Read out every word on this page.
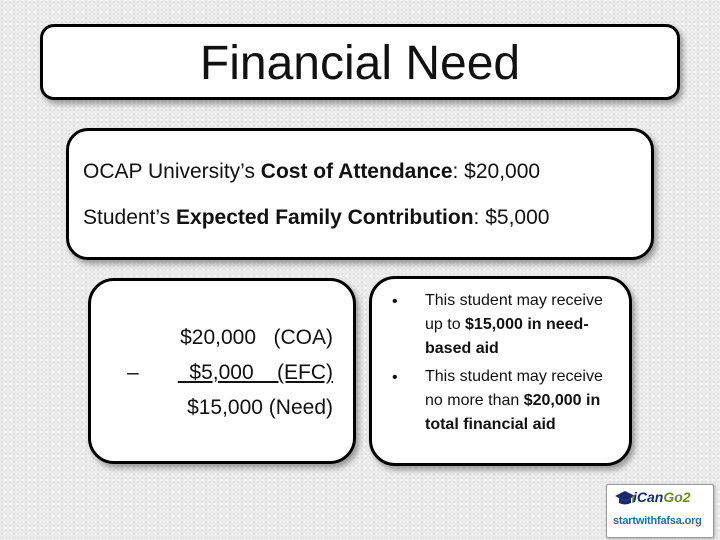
Financial Need
OCAP University’s Cost of Attendance: $20,000
Student’s Expected Family Contribution: $5,000
$20,000   (COA)
– $5,000    (EFC)
$15,000 (Need)
• This student may receive up to $15,000 in need-based aid
• This student may receive no more than $20,000 in total financial aid
iCanGo2
startwithfafsa.org
